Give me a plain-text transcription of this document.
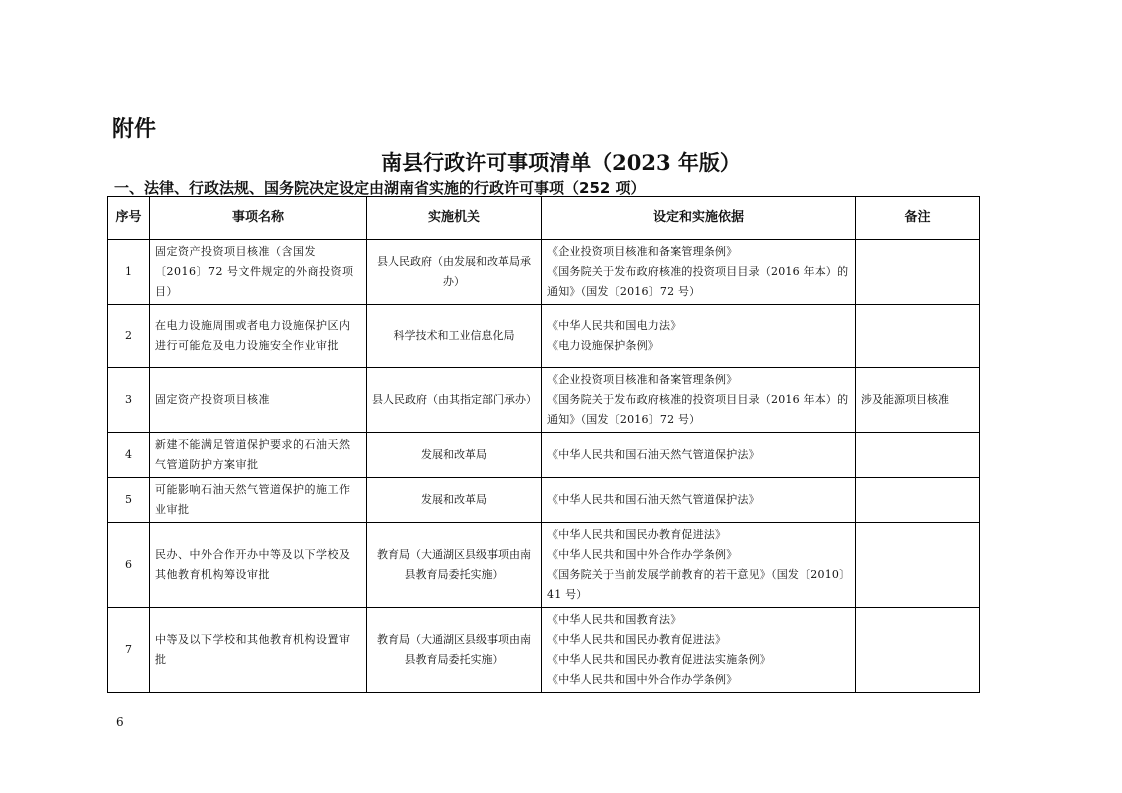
附件
南县行政许可事项清单（2023 年版）
一、法律、行政法规、国务院决定设定由湖南省实施的行政许可事项（252 项）
序号	事项名称	实施机关	设定和实施依据	备注
1	固定资产投资项目核准（含国发〔2016〕72 号文件规定的外商投资项目）	县人民政府（由发展和改革局承办）	《企业投资项目核准和备案管理条例》
《国务院关于发布政府核准的投资项目目录（2016 年本）的
通知》（国发〔2016〕72 号）	

2	在电力设施周围或者电力设施保护区内进行可能危及电力设施安全作业审批	科学技术和工业信息化局	《中华人民共和国电力法》
《电力设施保护条例》	

3	固定资产投资项目核准	县人民政府（由其指定部门承办）	《企业投资项目核准和备案管理条例》
《国务院关于发布政府核准的投资项目目录（2016 年本）的
通知》（国发〔2016〕72 号）	涉及能源项目核准
4	新建不能满足管道保护要求的石油天然气管道防护方案审批	发展和改革局	《中华人民共和国石油天然气管道保护法》	

5	可能影响石油天然气管道保护的施工作业审批	发展和改革局	《中华人民共和国石油天然气管道保护法》	

6	民办、中外合作开办中等及以下学校及其他教育机构筹设审批	教育局（大通湖区县级事项由南县教育局委托实施）	《中华人民共和国民办教育促进法》
《中华人民共和国中外合作办学条例》
《国务院关于当前发展学前教育的若干意见》（国发〔2010〕
41 号）	

7	中等及以下学校和其他教育机构设置审批	教育局（大通湖区县级事项由南县教育局委托实施）	《中华人民共和国教育法》
《中华人民共和国民办教育促进法》
《中华人民共和国民办教育促进法实施条例》
《中华人民共和国中外合作办学条例》	

6
